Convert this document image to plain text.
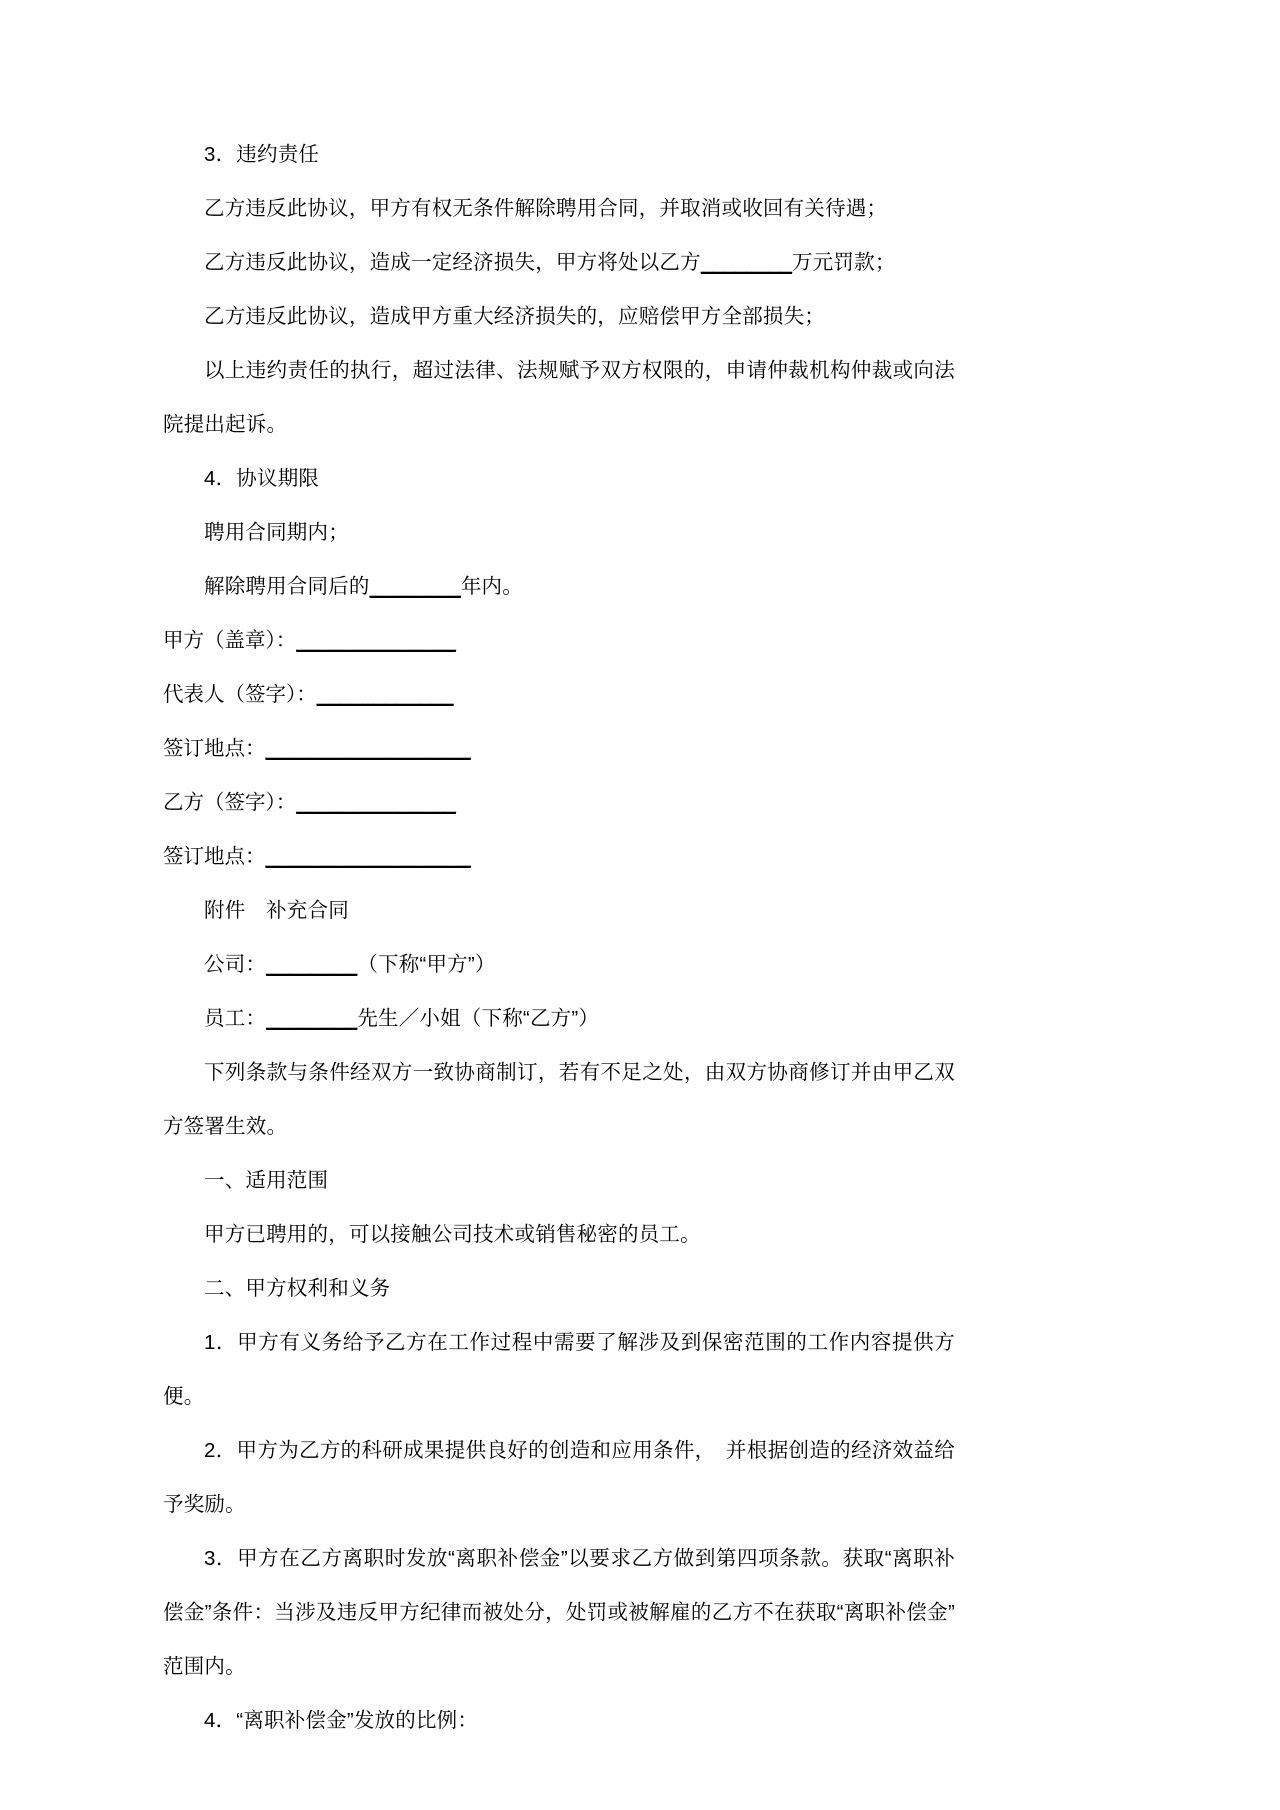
3．违约责任

乙方违反此协议，甲方有权无条件解除聘用合同，并取消或收回有关待遇；

乙方违反此协议，造成一定经济损失，甲方将处以乙方________万元罚款；

乙方违反此协议，造成甲方重大经济损失的，应赔偿甲方全部损失；

以上违约责任的执行，超过法律、法规赋予双方权限的，申请仲裁机构仲裁或向法院提出起诉。

4．协议期限

聘用合同期内；

解除聘用合同后的________年内。

甲方（盖章）：______________

代表人（签字）：____________

签订地点：__________________

乙方（签字）：______________

签订地点：__________________

附件　补充合同

公司：________（下称“甲方”）

员工：________先生／小姐（下称“乙方”）

下列条款与条件经双方一致协商制订，若有不足之处，由双方协商修订并由甲乙双方签署生效。

一、适用范围

甲方已聘用的，可以接触公司技术或销售秘密的员工。

二、甲方权利和义务

1．甲方有义务给予乙方在工作过程中需要了解涉及到保密范围的工作内容提供方便。

2．甲方为乙方的科研成果提供良好的创造和应用条件，　并根据创造的经济效益给予奖励。

3．甲方在乙方离职时发放“离职补偿金”以要求乙方做到第四项条款。获取“离职补偿金”条件：当涉及违反甲方纪律而被处分，处罚或被解雇的乙方不在获取“离职补偿金”范围内。

4．“离职补偿金”发放的比例：
